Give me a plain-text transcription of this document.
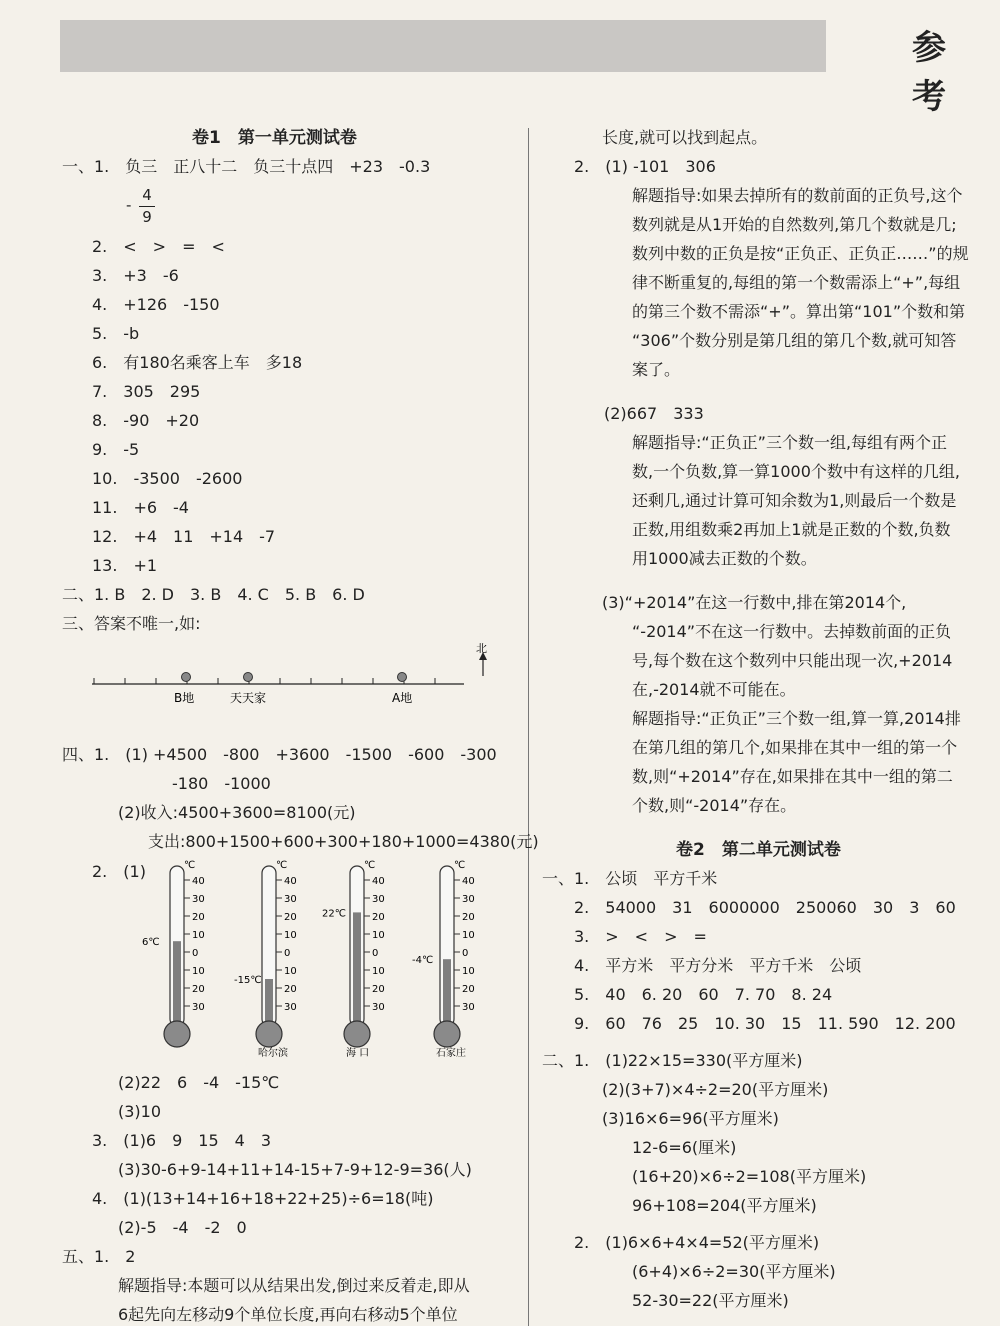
参 考
卷1　第一单元测试卷
一、1.　负三　正八十二　负三十点四　+23　-0.3
2.　<　>　=　<
3.　+3　-6
4.　+126　-150
5.　-b
6.　有180名乘客上车　多18
7.　305　295
8.　-90　+20
9.　-5
10.　-3500　-2600
11.　+6　-4
12.　+4　11　+14　-7
13.　+1
二、1. B　2. D　3. B　4. C　5. B　6. D
三、答案不唯一,如:
四、1.　(1) +4500　-800　+3600　-1500　-600　-300
-180　-1000
(2)收入:4500+3600=8100(元)
支出:800+1500+600+300+180+1000=4380(元)
2.　(1)
(2)22　6　-4　-15℃
(3)10
3.　(1)6　9　15　4　3
(3)30-6+9-14+11+14-15+7-9+12-9=36(人)
4.　(1)(13+14+16+18+22+25)÷6=18(吨)
(2)-5　-4　-2　0
五、1.　2
解题指导:本题可以从结果出发,倒过来反着走,即从
6起先向左移动9个单位长度,再向右移动5个单位
长度,就可以找到起点。
2.　(1) -101　306
解题指导:如果去掉所有的数前面的正负号,这个
数列就是从1开始的自然数列,第几个数就是几;
数列中数的正负是按“正负正、正负正……”的规
律不断重复的,每组的第一个数需添上“+”,每组
的第三个数不需添“+”。算出第“101”个数和第
“306”个数分别是第几组的第几个数,就可知答
案了。
(2)667　333
解题指导:“正负正”三个数一组,每组有两个正
数,一个负数,算一算1000个数中有这样的几组,
还剩几,通过计算可知余数为1,则最后一个数是
正数,用组数乘2再加上1就是正数的个数,负数
用1000减去正数的个数。
(3)“+2014”在这一行数中,排在第2014个,
“-2014”不在这一行数中。去掉数前面的正负
号,每个数在这个数列中只能出现一次,+2014
在,-2014就不可能在。
解题指导:“正负正”三个数一组,算一算,2014排
在第几组的第几个,如果排在其中一组的第一个
数,则“+2014”存在,如果排在其中一组的第二
个数,则“-2014”存在。
卷2　第二单元测试卷
一、1.　公顷　平方千米
2.　54000　31　6000000　250060　30　3　60
3.　>　<　>　=
4.　平方米　平方分米　平方千米　公顷
5.　40　6. 20　60　7. 70　8. 24
9.　60　76　25　10. 30　15　11. 590　12. 200
二、1.　(1)22×15=330(平方厘米)
(2)(3+7)×4÷2=20(平方厘米)
(3)16×6=96(平方厘米)
12-6=6(厘米)
(16+20)×6÷2=108(平方厘米)
96+108=204(平方厘米)
2.　(1)6×6+4×4=52(平方厘米)
(6+4)×6÷2=30(平方厘米)
52-30=22(平方厘米)
-
4
9
B地	天天家	A地
北
40
30
20
10
0
10
20
30
℃
6℃
40
30
20
10
0
10
20
30
℃
-15℃
哈尔滨
40
30
20
10
0
10
20
30
℃
22℃
海 口
40
30
20
10
0
10
20
30
℃
-4℃
石家庄
